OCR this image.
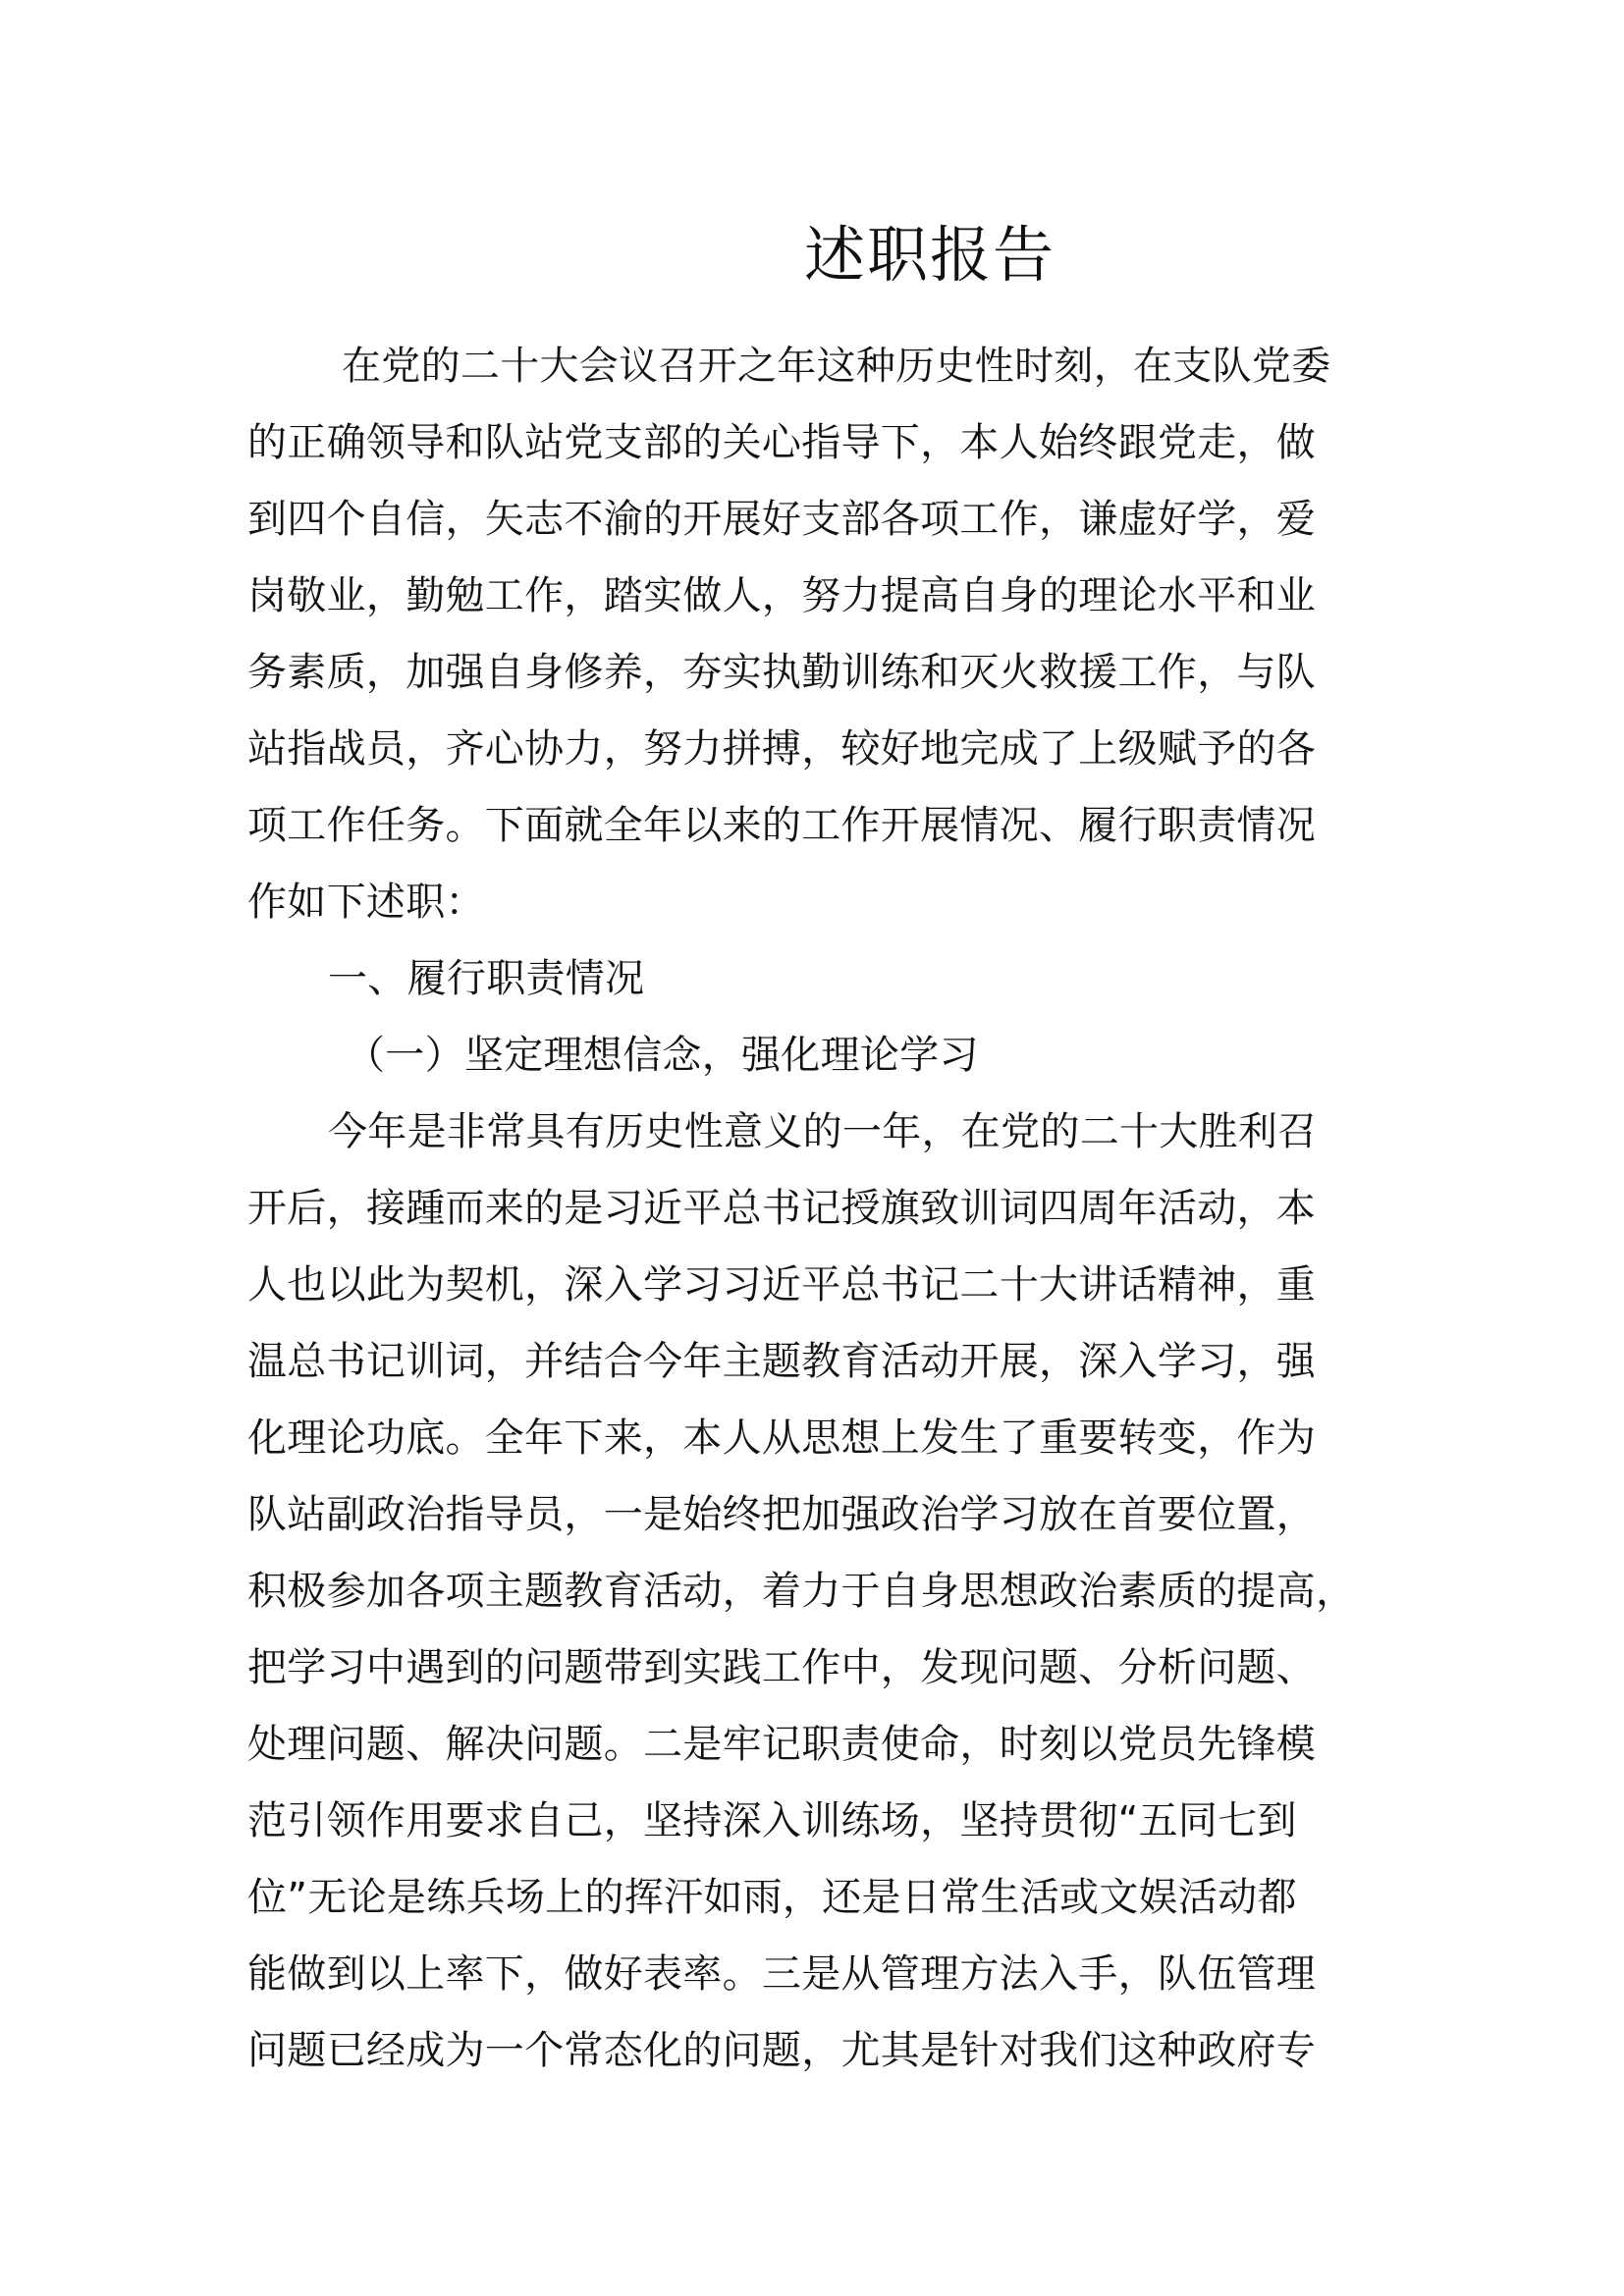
述职报告
在党的二十大会议召开之年这种历史性时刻，在支队党委
的正确领导和队站党支部的关心指导下，本人始终跟党走，做
到四个自信，矢志不渝的开展好支部各项工作，谦虚好学，爱
岗敬业，勤勉工作，踏实做人，努力提高自身的理论水平和业
务素质，加强自身修养，夯实执勤训练和灭火救援工作，与队
站指战员，齐心协力，努力拼搏，较好地完成了上级赋予的各
项工作任务。下面就全年以来的工作开展情况、履行职责情况
作如下述职：
一、履行职责情况
（一）坚定理想信念，强化理论学习
今年是非常具有历史性意义的一年，在党的二十大胜利召
开后，接踵而来的是习近平总书记授旗致训词四周年活动，本
人也以此为契机，深入学习习近平总书记二十大讲话精神，重
温总书记训词，并结合今年主题教育活动开展，深入学习，强
化理论功底。全年下来，本人从思想上发生了重要转变，作为
队站副政治指导员，一是始终把加强政治学习放在首要位置，
积极参加各项主题教育活动，着力于自身思想政治素质的提高，
把学习中遇到的问题带到实践工作中，发现问题、分析问题、
处理问题、解决问题。二是牢记职责使命，时刻以党员先锋模
范引领作用要求自己，坚持深入训练场，坚持贯彻“五同七到
位”无论是练兵场上的挥汗如雨，还是日常生活或文娱活动都
能做到以上率下，做好表率。三是从管理方法入手，队伍管理
问题已经成为一个常态化的问题，尤其是针对我们这种政府专
